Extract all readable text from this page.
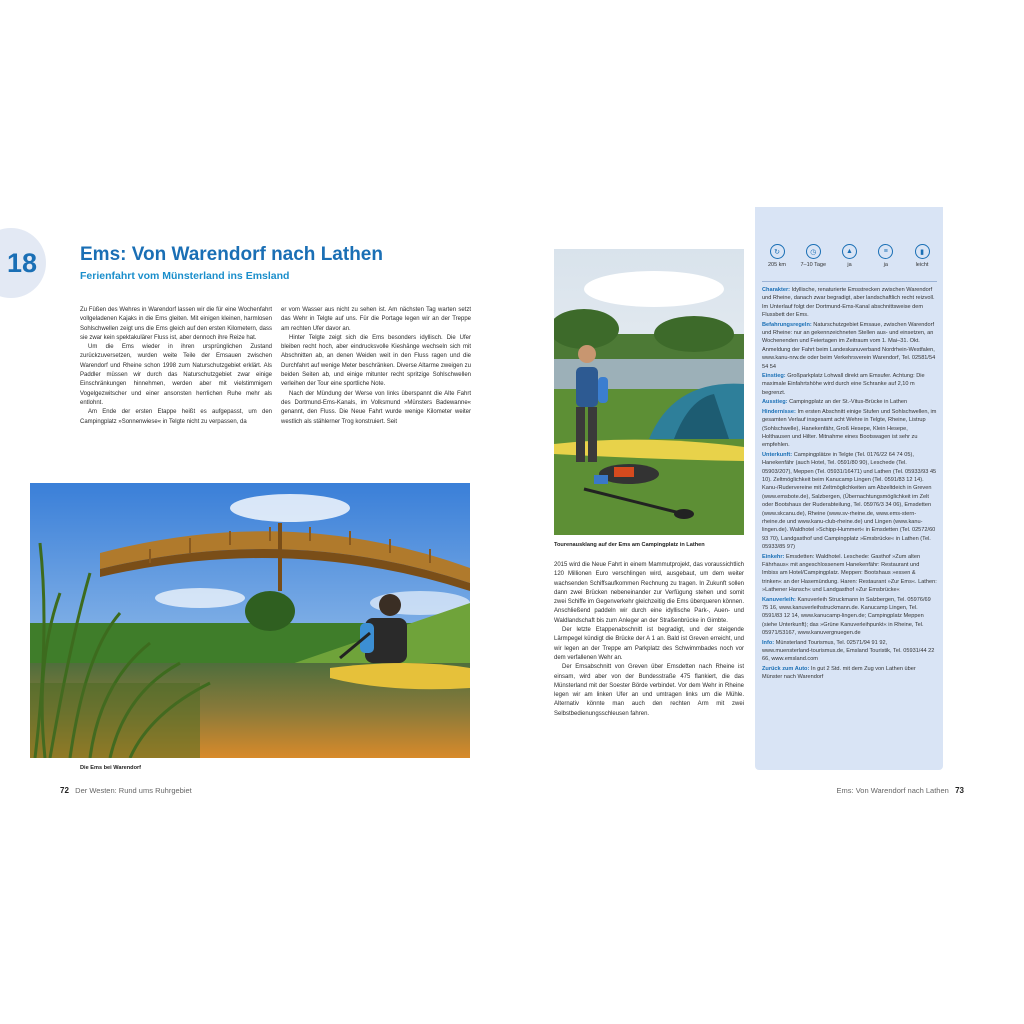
18	Ems: Von Warendorf nach Lathen
Ferienfahrt vom Münsterland ins Emsland

Zu Füßen des Wehres in Warendorf lassen wir die für eine Wochenfahrt vollgeladenen Kajaks in die Ems gleiten. Mit einigen kleinen, harmlosen Sohlschwellen zeigt uns die Ems gleich auf den ersten Kilometern, dass sie zwar kein spektakulärer Fluss ist, aber dennoch ihre Reize hat.

Um die Ems wieder in ihren ursprünglichen Zustand zurückzuversetzen, wurden weite Teile der Emsauen zwischen Warendorf und Rheine schon 1998 zum Naturschutzgebiet erklärt. Als Paddler müssen wir durch das Naturschutzgebiet zwar einige Einschränkungen hinnehmen, werden aber mit vielstimmigem Vogelgezwitscher und einer ansonsten herrlichen Ruhe mehr als entlohnt.

Am Ende der ersten Etappe heißt es aufgepasst, um den Campingplatz »Sonnenwiese« in Telgte nicht zu verpassen, da

er vom Wasser aus nicht zu sehen ist. Am nächsten Tag warten setzt das Wehr in Telgte auf uns. Für die Portage legen wir an der Treppe am rechten Ufer davor an.

Hinter Telgte zeigt sich die Ems besonders idyllisch. Die Ufer bleiben recht hoch, aber eindrucksvolle Kieshänge wechseln sich mit Abschnitten ab, an denen Weiden weit in den Fluss ragen und die Durchfahrt auf wenige Meter beschränken. Diverse Altarme zweigen zu beiden Seiten ab, und einige mitunter recht spritzige Sohlschwellen verleihen der Tour eine sportliche Note.

Nach der Mündung der Werse von links überspannt die Alte Fahrt des Dortmund-Ems-Kanals, im Volksmund »Münsters Badewanne« genannt, den Fluss. Die Neue Fahrt wurde wenige Kilometer weiter westlich als stählerner Trog konstruiert. Seit

Die Ems bei Warendorf
Tourenausklang auf der Ems am Campingplatz in Lathen

2015 wird die Neue Fahrt in einem Mammutprojekt, das voraussichtlich 120 Millionen Euro verschlingen wird, ausgebaut, um dem weiter wachsenden Schiffsaufkommen Rechnung zu tragen. In Zukunft sollen dann zwei Brücken nebeneinander zur Verfügung stehen und somit zwei Schiffe im Gegenverkehr gleichzeitig die Ems überqueren können. Anschließend paddeln wir durch eine idyllische Park-, Auen- und Waldlandschaft bis zum Anleger an der Straßenbrücke in Gimbte.

Der letzte Etappenabschnitt ist begradigt, und der steigende Lärmpegel kündigt die Brücke der A 1 an. Bald ist Greven erreicht, und wir legen an der Treppe am Parkplatz des Schwimmbades noch vor dem verfallenen Wehr an.

Der Emsabschnitt von Greven über Emsdetten nach Rheine ist einsam, wird aber von der Bundesstraße 475 flankiert, die das Münsterland mit der Soester Börde verbindet. Vor dem Wehr in Rheine legen wir am linken Ufer an und umtragen links um die Mühle. Alternativ könnte man auch den rechten Arm mit zwei Selbstbedienungsschleusen fahren.

↻
205 km
◷
7–10 Tage
▲
ja
≡
ja
▮
leicht

Charakter: Idyllische, renaturierte Emsstrecken zwischen Warendorf und Rheine, danach zwar begradigt, aber landschaftlich recht reizvoll. Im Unterlauf folgt der Dortmund-Ems-Kanal abschnittsweise dem Flussbett der Ems.

Befahrungsregeln: Naturschutzgebiet Emsaue, zwischen Warendorf und Rheine: nur an gekennzeichneten Stellen aus- und einsetzen, an Wochenenden und Feiertagen im Zeitraum vom 1. Mai–31. Okt. Anmeldung der Fahrt beim Landeskanuverband Nordrhein-Westfalen, www.kanu-nrw.de oder beim Verkehrsverein Warendorf, Tel. 02581/54 54 54

Einstieg: Großparkplatz Lohwall direkt am Emsufer. Achtung: Die maximale Einfahrtshöhe wird durch eine Schranke auf 2,10 m begrenzt.

Ausstieg: Campingplatz an der St.-Vitus-Brücke in Lathen

Hindernisse: Im ersten Abschnitt einige Stufen und Sohlschwellen, im gesamten Verlauf insgesamt acht Wehre in Telgte, Rheine, Listrup (Sohlschwelle), Hanekenfähr, Groß Hesepe, Klein Hesepe, Holthausen und Hilter. Mitnahme eines Bootswagen ist sehr zu empfehlen.

Unterkunft: Campingplätze in Telgte (Tel. 0176/22 64 74 05), Hanekenfähr (auch Hotel, Tel. 0591/80 90), Leschede (Tel. 05903/207), Meppen (Tel. 05931/16471) und Lathen (Tel. 05933/93 45 10). Zeltmöglichkeit beim Kanucamp Lingen (Tel. 0591/83 12 14). Kanu-/Rudervereine mit Zeltmöglichkeiten am Abzeltdeich in Greven (www.emsbote.de), Salzbergen, (Übernachtungsmöglichkeit im Zelt oder Bootshaus der Ruderabteilung, Tel. 05976/3 34 06), Emsdetten (www.skcanu.de), Rheine (www.sv-rheine.de, www.ems-stern-rheine.de und www.kanu-club-rheine.de) und Lingen (www.kanu-lingen.de). Waldhotel »Schipp-Hummert« in Emsdetten (Tel. 02572/60 93 70), Landgasthof und Campingplatz »Emsbrücke« in Lathen (Tel. 05933/85 97)

Einkehr: Emsdetten: Waldhotel. Leschede: Gasthof »Zum alten Fährhaus« mit angeschlossenem Hanekenfähr: Restaurant und Imbiss am Hotel/Campingplatz. Meppen: Bootshaus »essen & trinken« an der Hasemündung. Haren: Restaurant »Zur Ems«. Lathen: »Lathener Hansch« und Landgasthof »Zur Emsbrücke«

Kanuverleih: Kanuverleih Struckmann in Salzbergen, Tel. 05976/69 75 16, www.kanuverleihstruckmann.de. Kanucamp Lingen, Tel. 0591/83 12 14, www.kanucamp-lingen.de; Campingplatz Meppen (siehe Unterkunft); das »Grüne Kanuverleihpunkt« in Rheine, Tel. 05971/53167, www.kanuvergnuegen.de

Info: Münsterland Tourismus, Tel. 02571/94 91 92, www.muensterland-tourismus.de, Emsland Touristik, Tel. 05931/44 22 66, www.emsland.com

Zurück zum Auto: In gut 2 Std. mit dem Zug von Lathen über Münster nach Warendorf

72 Der Westen: Rund ums Ruhrgebiet	Ems: Von Warendorf nach Lathen 73
